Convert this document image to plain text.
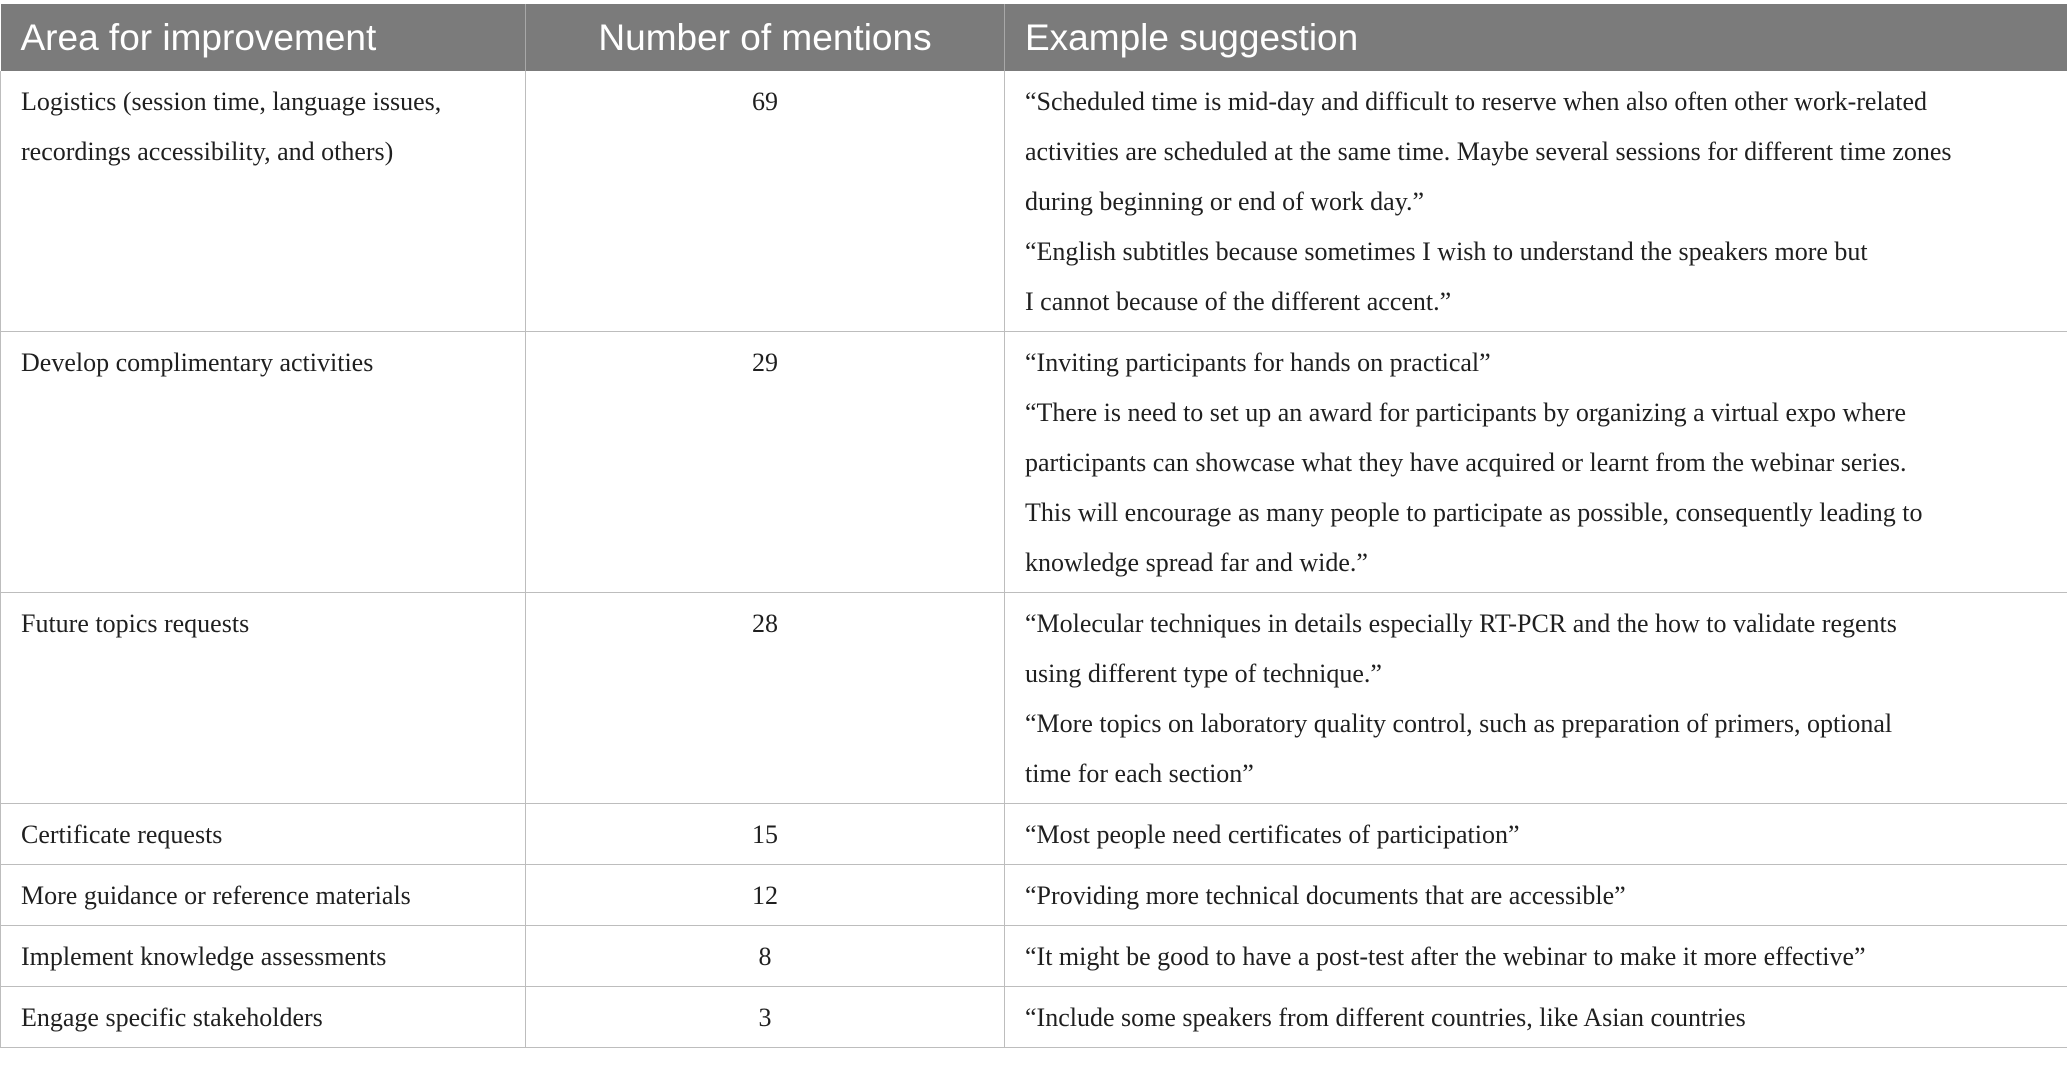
Area for improvement	Number of mentions	Example suggestion

Logistics (session time, language issues,
recordings accessibility, and others)	69	“Scheduled time is mid-day and difficult to reserve when also often other work-related
activities are scheduled at the same time. Maybe several sessions for different time zones
during beginning or end of work day.”
“English subtitles because sometimes I wish to understand the speakers more but
I cannot because of the different accent.”

Develop complimentary activities	29	“Inviting participants for hands on practical”
“There is need to set up an award for participants by organizing a virtual expo where
participants can showcase what they have acquired or learnt from the webinar series.
This will encourage as many people to participate as possible, consequently leading to
knowledge spread far and wide.”

Future topics requests	28	“Molecular techniques in details especially RT-PCR and the how to validate regents
using different type of technique.”
“More topics on laboratory quality control, such as preparation of primers, optional
time for each section”

Certificate requests	15	“Most people need certificates of participation”

More guidance or reference materials	12	“Providing more technical documents that are accessible”

Implement knowledge assessments	8	“It might be good to have a post-test after the webinar to make it more effective”

Engage specific stakeholders	3	“Include some speakers from different countries, like Asian countries
